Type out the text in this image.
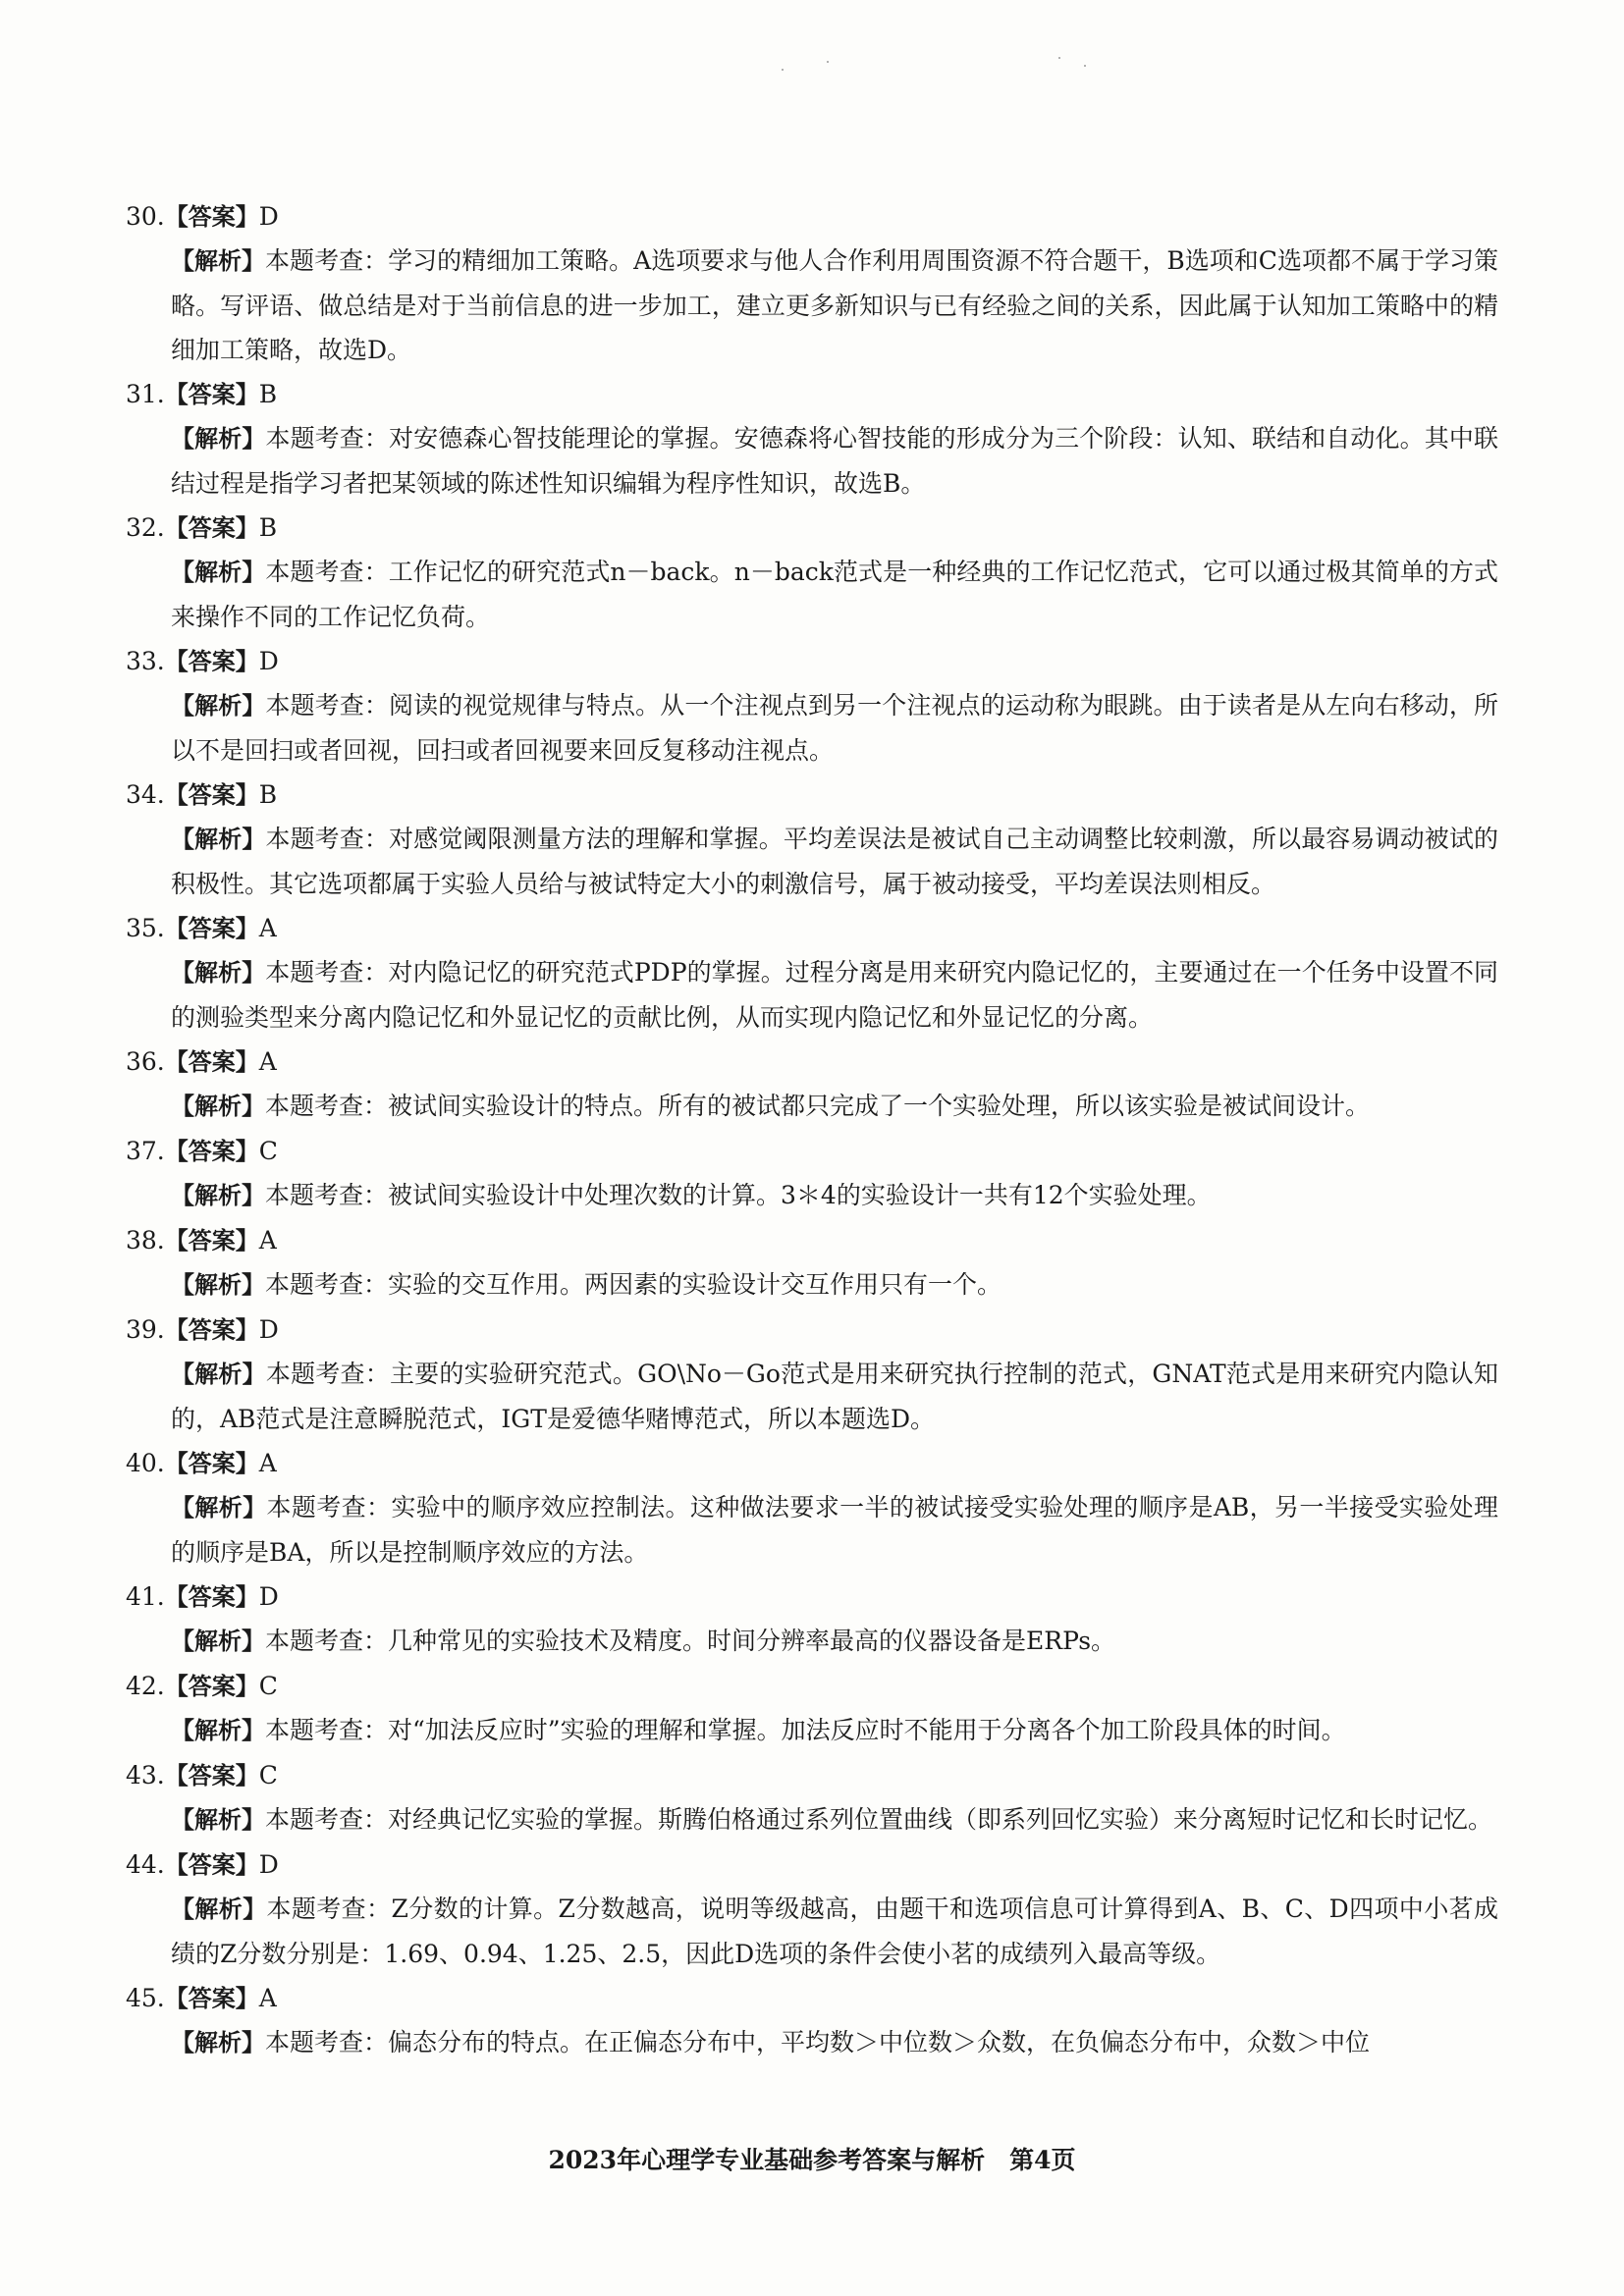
30.【答案】D

【解析】本题考查：学习的精细加工策略。A选项要求与他人合作利用周围资源不符合题干，B选项和C选项都不属于学习策略。写评语、做总结是对于当前信息的进一步加工，建立更多新知识与已有经验之间的关系，因此属于认知加工策略中的精细加工策略，故选D。

31.【答案】B

【解析】本题考查：对安德森心智技能理论的掌握。安德森将心智技能的形成分为三个阶段：认知、联结和自动化。其中联结过程是指学习者把某领域的陈述性知识编辑为程序性知识，故选B。

32.【答案】B

【解析】本题考查：工作记忆的研究范式n－back。n－back范式是一种经典的工作记忆范式，它可以通过极其简单的方式来操作不同的工作记忆负荷。

33.【答案】D

【解析】本题考查：阅读的视觉规律与特点。从一个注视点到另一个注视点的运动称为眼跳。由于读者是从左向右移动，所以不是回扫或者回视，回扫或者回视要来回反复移动注视点。

34.【答案】B

【解析】本题考查：对感觉阈限测量方法的理解和掌握。平均差误法是被试自己主动调整比较刺激，所以最容易调动被试的积极性。其它选项都属于实验人员给与被试特定大小的刺激信号，属于被动接受，平均差误法则相反。

35.【答案】A

【解析】本题考查：对内隐记忆的研究范式PDP的掌握。过程分离是用来研究内隐记忆的，主要通过在一个任务中设置不同的测验类型来分离内隐记忆和外显记忆的贡献比例，从而实现内隐记忆和外显记忆的分离。

36.【答案】A

【解析】本题考查：被试间实验设计的特点。所有的被试都只完成了一个实验处理，所以该实验是被试间设计。

37.【答案】C

【解析】本题考查：被试间实验设计中处理次数的计算。3＊4的实验设计一共有12个实验处理。

38.【答案】A

【解析】本题考查：实验的交互作用。两因素的实验设计交互作用只有一个。

39.【答案】D

【解析】本题考查：主要的实验研究范式。GO\No－Go范式是用来研究执行控制的范式，GNAT范式是用来研究内隐认知的，AB范式是注意瞬脱范式，IGT是爱德华赌博范式，所以本题选D。

40.【答案】A

【解析】本题考查：实验中的顺序效应控制法。这种做法要求一半的被试接受实验处理的顺序是AB，另一半接受实验处理的顺序是BA，所以是控制顺序效应的方法。

41.【答案】D

【解析】本题考查：几种常见的实验技术及精度。时间分辨率最高的仪器设备是ERPs。

42.【答案】C

【解析】本题考查：对“加法反应时”实验的理解和掌握。加法反应时不能用于分离各个加工阶段具体的时间。

43.【答案】C

【解析】本题考查：对经典记忆实验的掌握。斯腾伯格通过系列位置曲线（即系列回忆实验）来分离短时记忆和长时记忆。

44.【答案】D

【解析】本题考查：Z分数的计算。Z分数越高，说明等级越高，由题干和选项信息可计算得到A、B、C、D四项中小茗成绩的Z分数分别是：1.69、0.94、1.25、2.5，因此D选项的条件会使小茗的成绩列入最高等级。

45.【答案】A

【解析】本题考查：偏态分布的特点。在正偏态分布中，平均数＞中位数＞众数，在负偏态分布中，众数＞中位

2023年心理学专业基础参考答案与解析　第4页
